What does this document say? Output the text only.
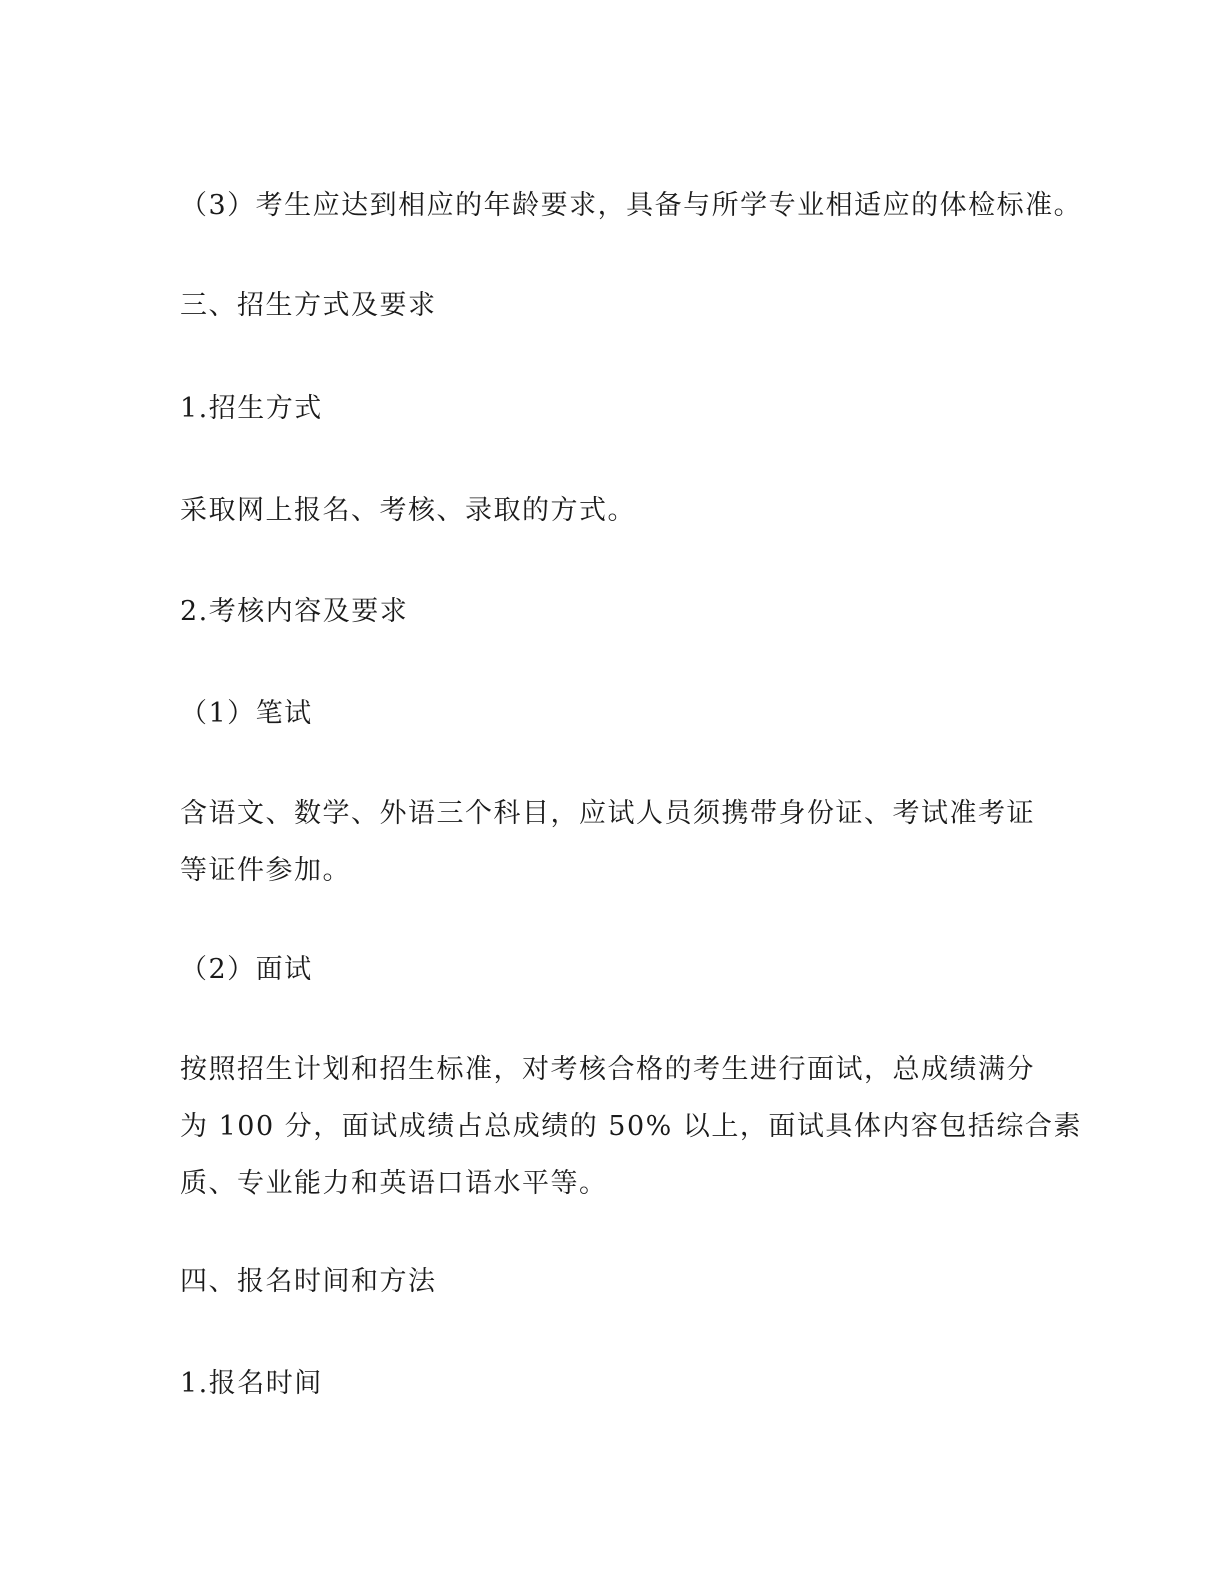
（3）考生应达到相应的年龄要求，具备与所学专业相适应的体检标准。

三、招生方式及要求

1.招生方式

采取网上报名、考核、录取的方式。

2.考核内容及要求

（1）笔试

含语文、数学、外语三个科目，应试人员须携带身份证、考试准考证
等证件参加。

（2）面试

按照招生计划和招生标准，对考核合格的考生进行面试，总成绩满分
为 100 分，面试成绩占总成绩的 50% 以上，面试具体内容包括综合素
质、专业能力和英语口语水平等。

四、报名时间和方法

1.报名时间
